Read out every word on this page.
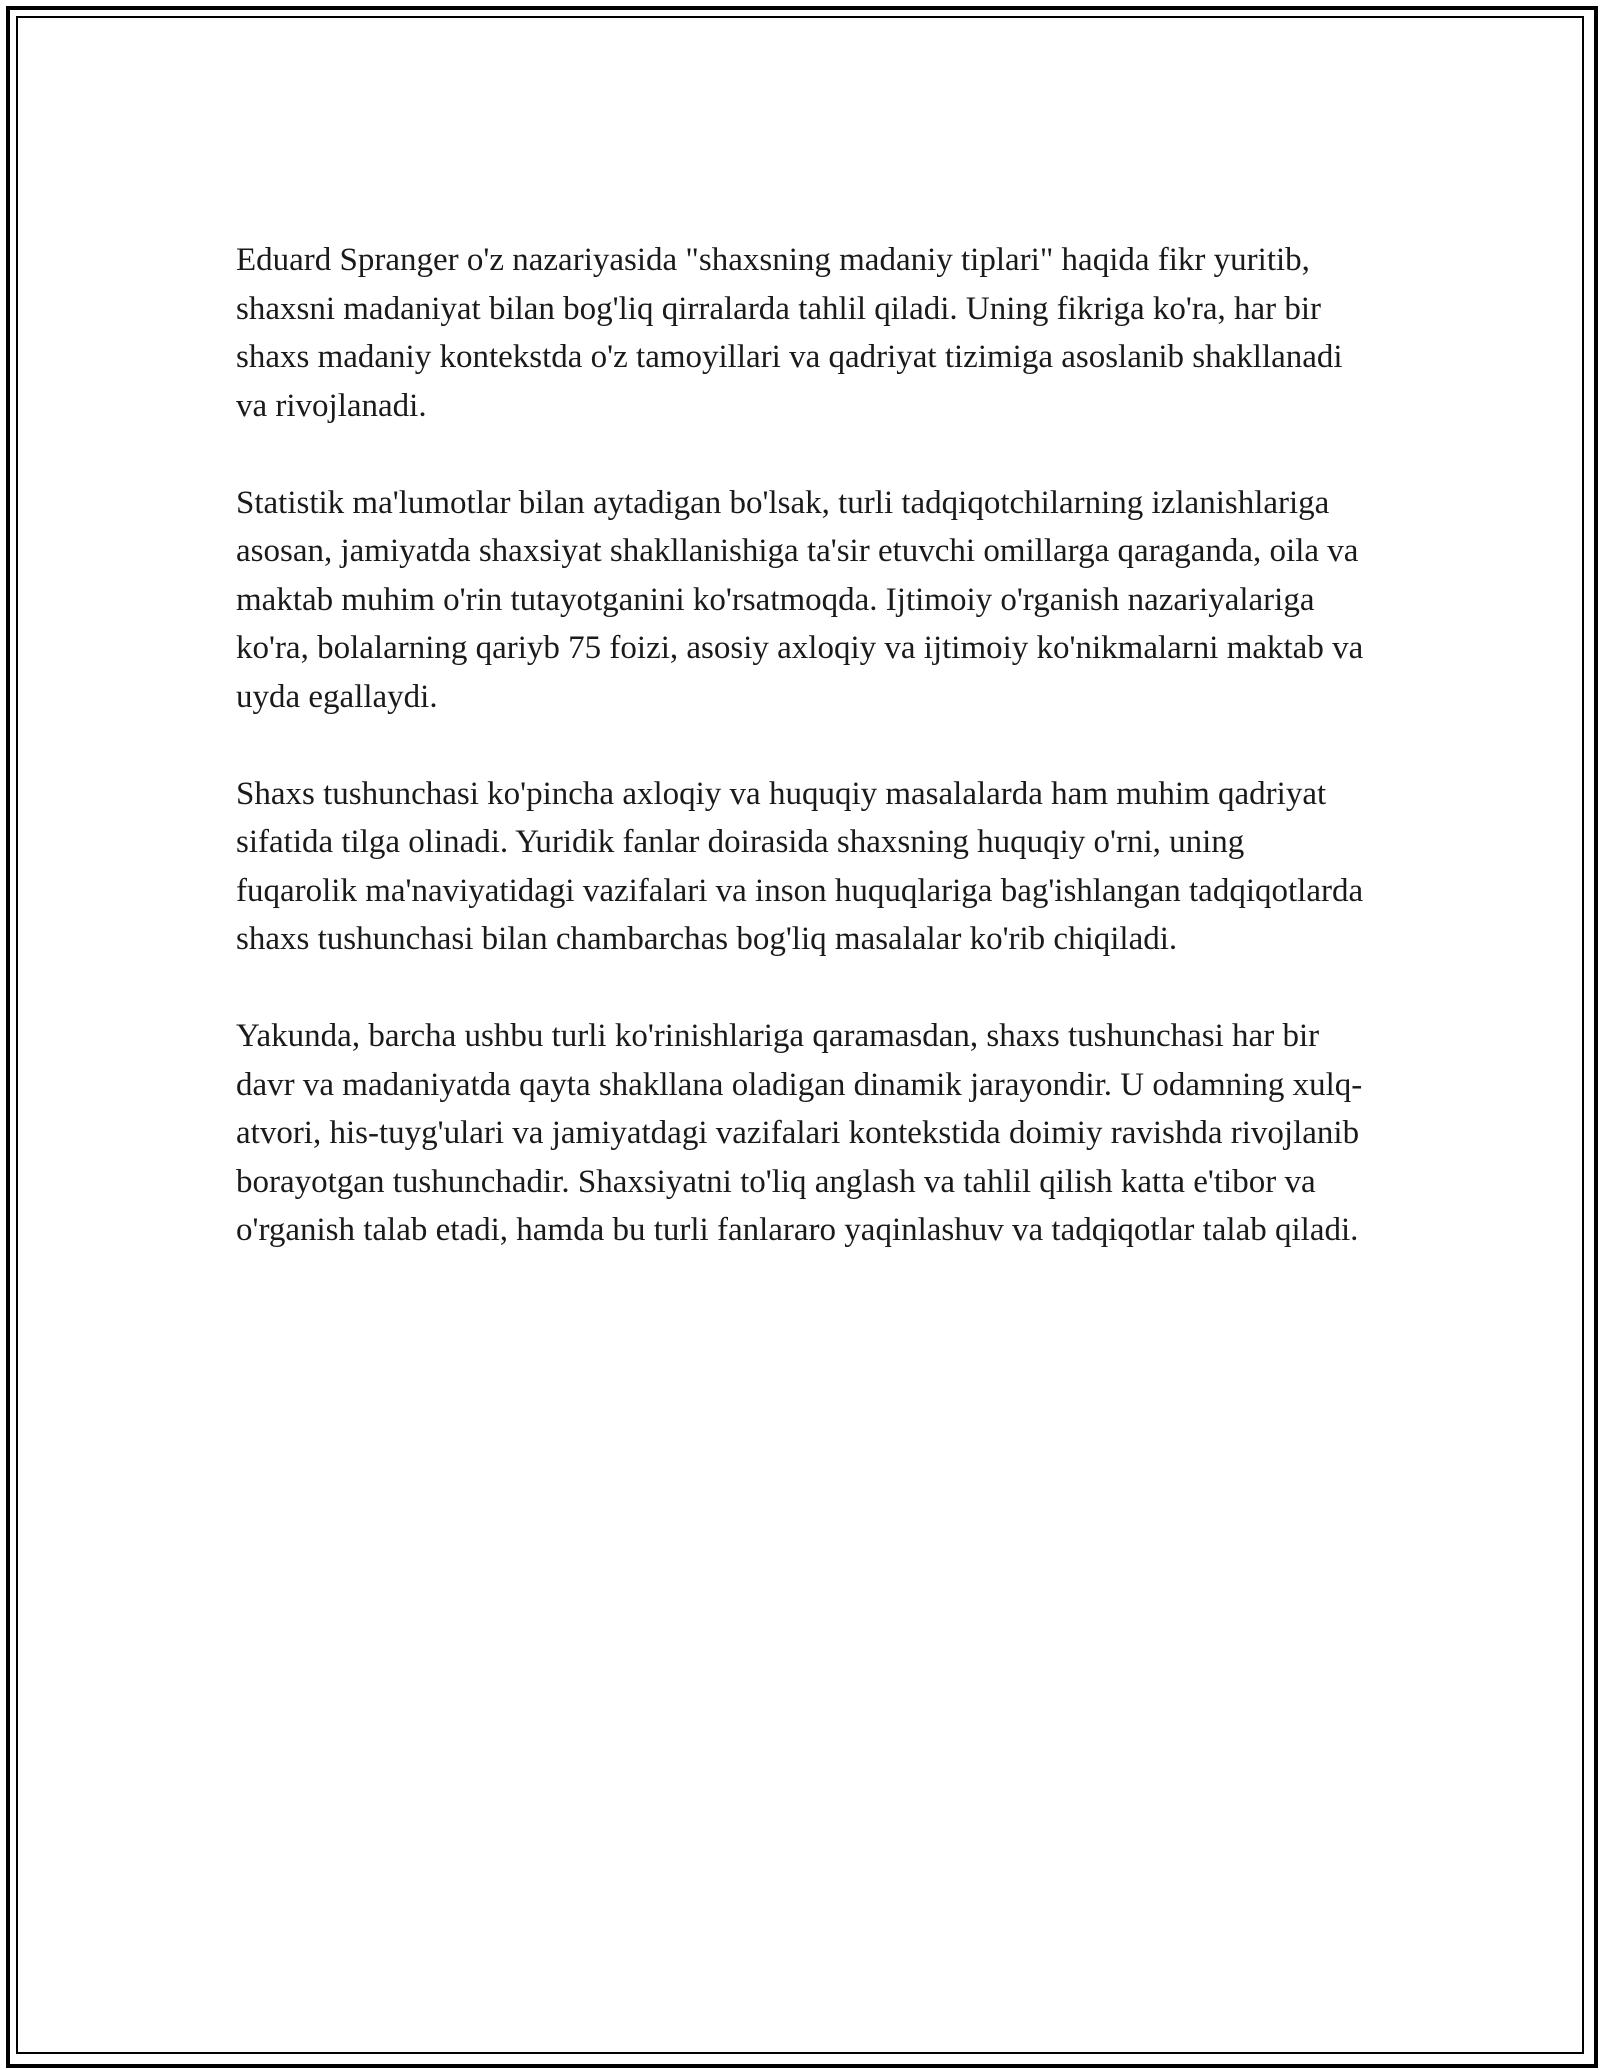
Eduard Spranger o'z nazariyasida "shaxsning madaniy tiplari" haqida fikr yuritib, shaxsni madaniyat bilan bog'liq qirralarda tahlil qiladi. Uning fikriga ko'ra, har bir shaxs madaniy kontekstda o'z tamoyillari va qadriyat tizimiga asoslanib shakllanadi va rivojlanadi.

Statistik ma'lumotlar bilan aytadigan bo'lsak, turli tadqiqotchilarning izlanishlariga asosan, jamiyatda shaxsiyat shakllanishiga ta'sir etuvchi omillarga qaraganda, oila va maktab muhim o'rin tutayotganini ko'rsatmoqda. Ijtimoiy o'rganish nazariyalariga ko'ra, bolalarning qariyb 75 foizi, asosiy axloqiy va ijtimoiy ko'nikmalarni maktab va uyda egallaydi.

Shaxs tushunchasi ko'pincha axloqiy va huquqiy masalalarda ham muhim qadriyat sifatida tilga olinadi. Yuridik fanlar doirasida shaxsning huquqiy o'rni, uning fuqarolik ma'naviyatidagi vazifalari va inson huquqlariga bag'ishlangan tadqiqotlarda shaxs tushunchasi bilan chambarchas bog'liq masalalar ko'rib chiqiladi.

Yakunda, barcha ushbu turli ko'rinishlariga qaramasdan, shaxs tushunchasi har bir davr va madaniyatda qayta shakllana oladigan dinamik jarayondir. U odamning xulq-atvori, his-tuyg'ulari va jamiyatdagi vazifalari kontekstida doimiy ravishda rivojlanib borayotgan tushunchadir. Shaxsiyatni to'liq anglash va tahlil qilish katta e'tibor va o'rganish talab etadi, hamda bu turli fanlararo yaqinlashuv va tadqiqotlar talab qiladi.
